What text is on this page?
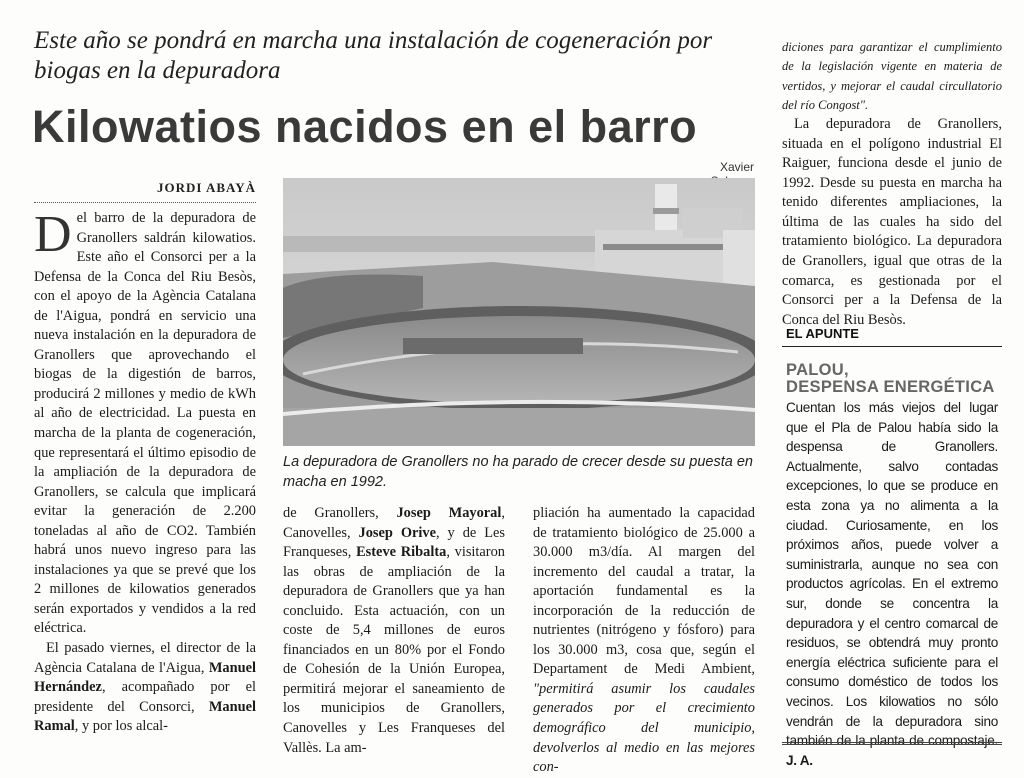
Este año se pondrá en marcha una instalación de cogeneración por biogas en la depuradora
Kilowatios nacidos en el barro
Xavier
JORDI ABAYÀ

Del barro de la depuradora de Granollers saldrán kilowatios. Este año el Consorci per a la Defensa de la Conca del Riu Besòs, con el apoyo de la Agència Catalana de l'Aigua, pondrá en servicio una nueva instalación en la depuradora de Granollers que aprovechando el biogas de la digestión de barros, producirá 2 millones y medio de kWh al año de electricidad. La puesta en marcha de la planta de cogeneración, que representará el último episodio de la ampliación de la depuradora de Granollers, se calcula que implicará evitar la generación de 2.200 toneladas al año de CO2. También habrá unos nuevo ingreso para las instalaciones ya que se prevé que los 2 millones de kilowatios generados serán exportados y vendidos a la red eléctrica.

El pasado viernes, el director de la Agència Catalana de l'Aigua, Manuel Hernández, acompañado por el presidente del Consorci, Manuel Ramal, y por los alcal-

La depuradora de Granollers no ha parado de crecer desde su puesta en macha en 1992.

de Granollers, Josep Mayoral, Canovelles, Josep Orive, y de Les Franqueses, Esteve Ribalta, visitaron las obras de ampliación de la depuradora de Granollers que ya han concluido. Esta actuación, con un coste de 5,4 millones de euros financiados en un 80% por el Fondo de Cohesión de la Unión Europea, permitirá mejorar el saneamiento de los municipios de Granollers, Canovelles y Les Franqueses del Vallès. La am-

pliación ha aumentado la capacidad de tratamiento biológico de 25.000 a 30.000 m3/día. Al margen del incremento del caudal a tratar, la aportación fundamental es la incorporación de la reducción de nutrientes (nitrógeno y fósforo) para los 30.000 m3, cosa que, según el Departament de Medi Ambient, "permitirá asumir los caudales generados por el crecimiento demográfico del municipio, devolverlos al medio en las mejores con-

diciones para garantizar el cumplimiento de la legislación vigente en materia de vertidos, y mejorar el caudal circullatorio del río Congost".

La depuradora de Granollers, situada en el polígono industrial El Raiguer, funciona desde el junio de 1992. Desde su puesta en marcha ha tenido diferentes ampliaciones, la última de las cuales ha sido del tratamiento biológico. La depuradora de Granollers, igual que otras de la comarca, es gestionada por el Consorci per a la Defensa de la Conca del Riu Besòs.

EL APUNTE
PALOU,
DESPENSA ENERGÉTICA
Cuentan los más viejos del lugar que el Pla de Palou había sido la despensa de Granollers. Actualmente, salvo contadas excepciones, lo que se produce en esta zona ya no alimenta a la ciudad. Curiosamente, en los próximos años, puede volver a suministrarla, aunque no sea con productos agrícolas. En el extremo sur, donde se concentra la depuradora y el centro comarcal de residuos, se obtendrá muy pronto energía eléctrica suficiente para el consumo doméstico de todos los vecinos. Los kilowatios no sólo vendrán de la depuradora sino también de la planta de compostaje. J. A.
